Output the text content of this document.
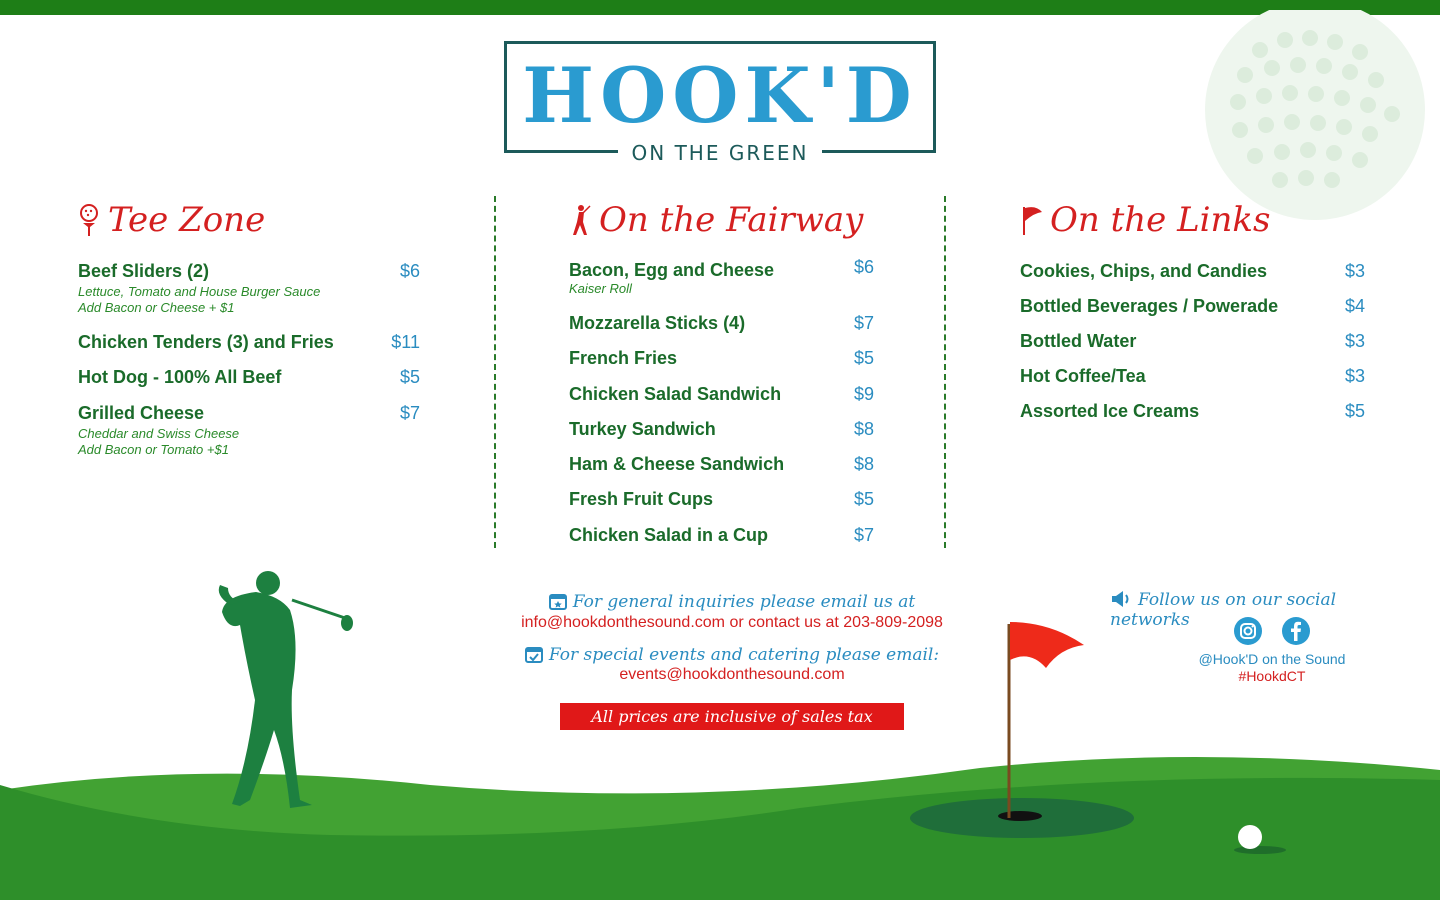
HOOK'D
ON THE GREEN
Tee Zone
Beef Sliders (2)	$6
Lettuce, Tomato and House Burger Sauce
Add Bacon or Cheese + $1
Chicken Tenders (3) and Fries	$11
Hot Dog - 100% All Beef	$5
Grilled Cheese	$7
Cheddar and Swiss Cheese
Add Bacon or Tomato +$1
On the Fairway
Bacon, Egg and Cheese	$6
Kaiser Roll
Mozzarella Sticks (4)	$7
French Fries	$5
Chicken Salad Sandwich	$9
Turkey Sandwich	$8
Ham & Cheese Sandwich	$8
Fresh Fruit Cups	$5
Chicken Salad in a Cup	$7
On the Links
Cookies, Chips, and Candies	$3
Bottled Beverages / Powerade	$4
Bottled Water	$3
Hot Coffee/Tea	$3
Assorted Ice Creams	$5
For general inquiries please email us at
info@hookdonthesound.com or contact us at 203-809-2098
For special events and catering please email:
events@hookdonthesound.com
All prices are inclusive of sales tax
Follow us on our social networks
@Hook'D on the Sound
#HookdCT
